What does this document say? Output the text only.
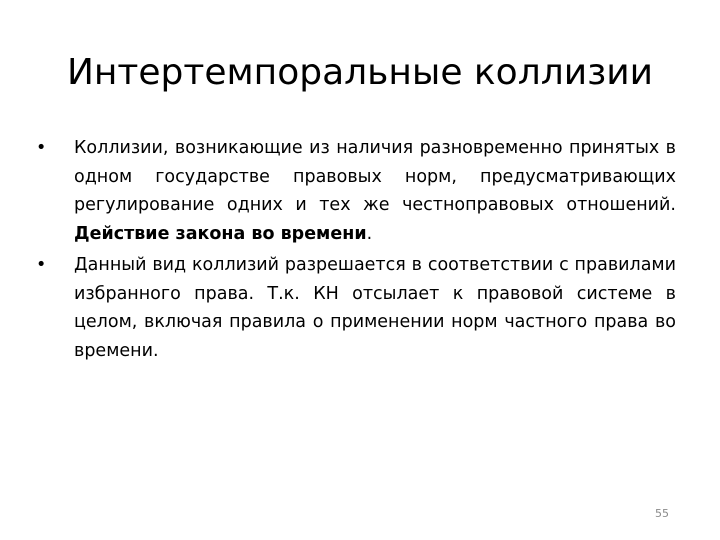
Интертемпоральные коллизии
•	Коллизии, возникающие из наличия разновременно принятых в одном государстве правовых норм, предусматривающих регулирование одних и тех же честноправовых отношений. Действие закона во времени.
•	Данный вид коллизий разрешается в соответствии с правилами избранного права. Т.к. КН отсылает к правовой системе в целом, включая правила о применении норм частного права во времени.
55
